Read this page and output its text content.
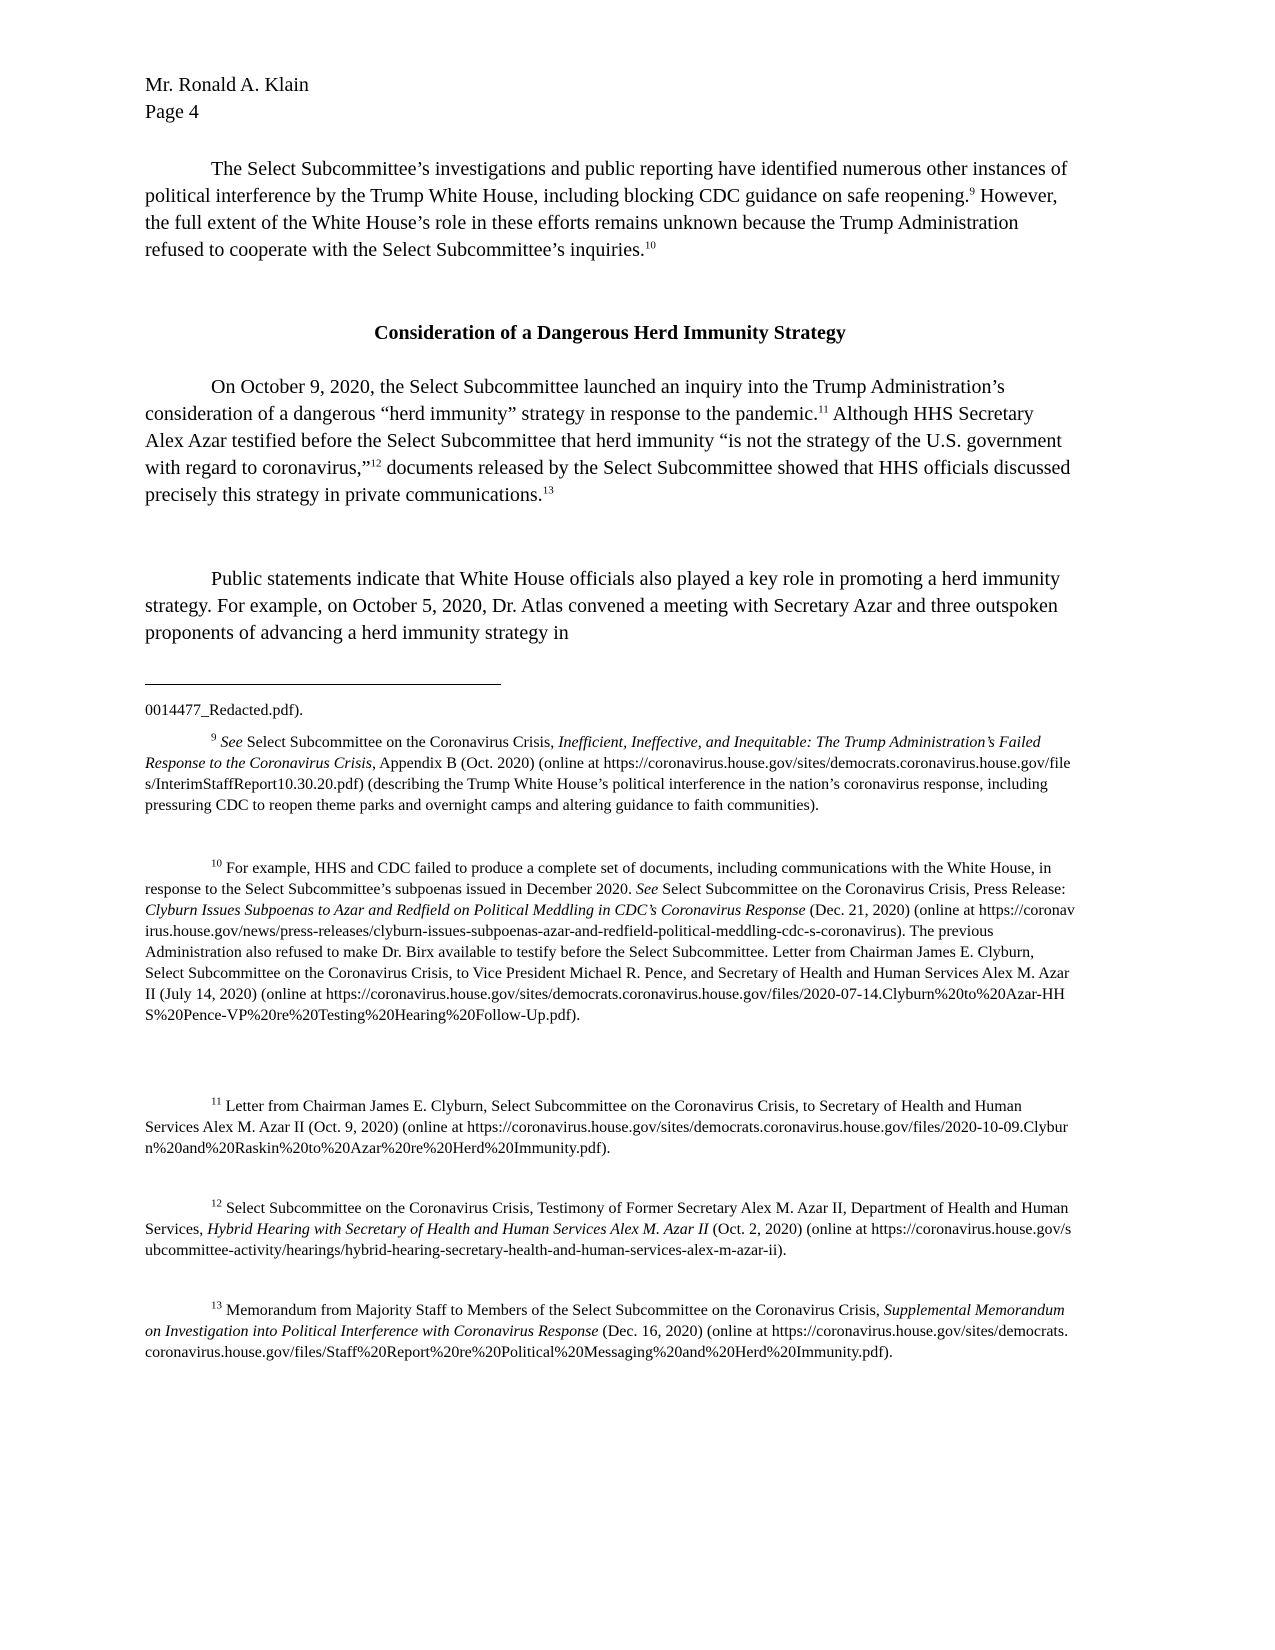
Mr. Ronald A. Klain
Page 4
The Select Subcommittee’s investigations and public reporting have identified numerous other instances of political interference by the Trump White House, including blocking CDC guidance on safe reopening.$^9$ However, the full extent of the White House’s role in these efforts remains unknown because the Trump Administration refused to cooperate with the Select Subcommittee’s inquiries.$^{10}$
Consideration of a Dangerous Herd Immunity Strategy
On October 9, 2020, the Select Subcommittee launched an inquiry into the Trump Administration’s consideration of a dangerous “herd immunity” strategy in response to the pandemic.$^{11}$ Although HHS Secretary Alex Azar testified before the Select Subcommittee that herd immunity “is not the strategy of the U.S. government with regard to coronavirus,”$^{12}$ documents released by the Select Subcommittee showed that HHS officials discussed precisely this strategy in private communications.$^{13}$
Public statements indicate that White House officials also played a key role in promoting a herd immunity strategy. For example, on October 5, 2020, Dr. Atlas convened a meeting with Secretary Azar and three outspoken proponents of advancing a herd immunity strategy in
0014477_Redacted.pdf).
$^9$ See Select Subcommittee on the Coronavirus Crisis, Inefficient, Ineffective, and Inequitable: The Trump Administration’s Failed Response to the Coronavirus Crisis, Appendix B (Oct. 2020) (online at https://coronavirus.house.gov/sites/democrats.coronavirus.house.gov/files/InterimStaffReport10.30.20.pdf) (describing the Trump White House’s political interference in the nation’s coronavirus response, including pressuring CDC to reopen theme parks and overnight camps and altering guidance to faith communities).
$^{10}$ For example, HHS and CDC failed to produce a complete set of documents, including communications with the White House, in response to the Select Subcommittee’s subpoenas issued in December 2020. See Select Subcommittee on the Coronavirus Crisis, Press Release: Clyburn Issues Subpoenas to Azar and Redfield on Political Meddling in CDC’s Coronavirus Response (Dec. 21, 2020) (online at https://coronavirus.house.gov/news/press-releases/clyburn-issues-subpoenas-azar-and-redfield-political-meddling-cdc-s-coronavirus). The previous Administration also refused to make Dr. Birx available to testify before the Select Subcommittee. Letter from Chairman James E. Clyburn, Select Subcommittee on the Coronavirus Crisis, to Vice President Michael R. Pence, and Secretary of Health and Human Services Alex M. Azar II (July 14, 2020) (online at https://coronavirus.house.gov/sites/democrats.coronavirus.house.gov/files/2020-07-14.Clyburn%20to%20Azar-HHS%20Pence-VP%20re%20Testing%20Hearing%20Follow-Up.pdf).
$^{11}$ Letter from Chairman James E. Clyburn, Select Subcommittee on the Coronavirus Crisis, to Secretary of Health and Human Services Alex M. Azar II (Oct. 9, 2020) (online at https://coronavirus.house.gov/sites/democrats.coronavirus.house.gov/files/2020-10-09.Clyburn%20and%20Raskin%20to%20Azar%20re%20Herd%20Immunity.pdf).
$^{12}$ Select Subcommittee on the Coronavirus Crisis, Testimony of Former Secretary Alex M. Azar II, Department of Health and Human Services, Hybrid Hearing with Secretary of Health and Human Services Alex M. Azar II (Oct. 2, 2020) (online at https://coronavirus.house.gov/subcommittee-activity/hearings/hybrid-hearing-secretary-health-and-human-services-alex-m-azar-ii).
$^{13}$ Memorandum from Majority Staff to Members of the Select Subcommittee on the Coronavirus Crisis, Supplemental Memorandum on Investigation into Political Interference with Coronavirus Response (Dec. 16, 2020) (online at https://coronavirus.house.gov/sites/democrats.coronavirus.house.gov/files/Staff%20Report%20re%20Political%20Messaging%20and%20Herd%20Immunity.pdf).
